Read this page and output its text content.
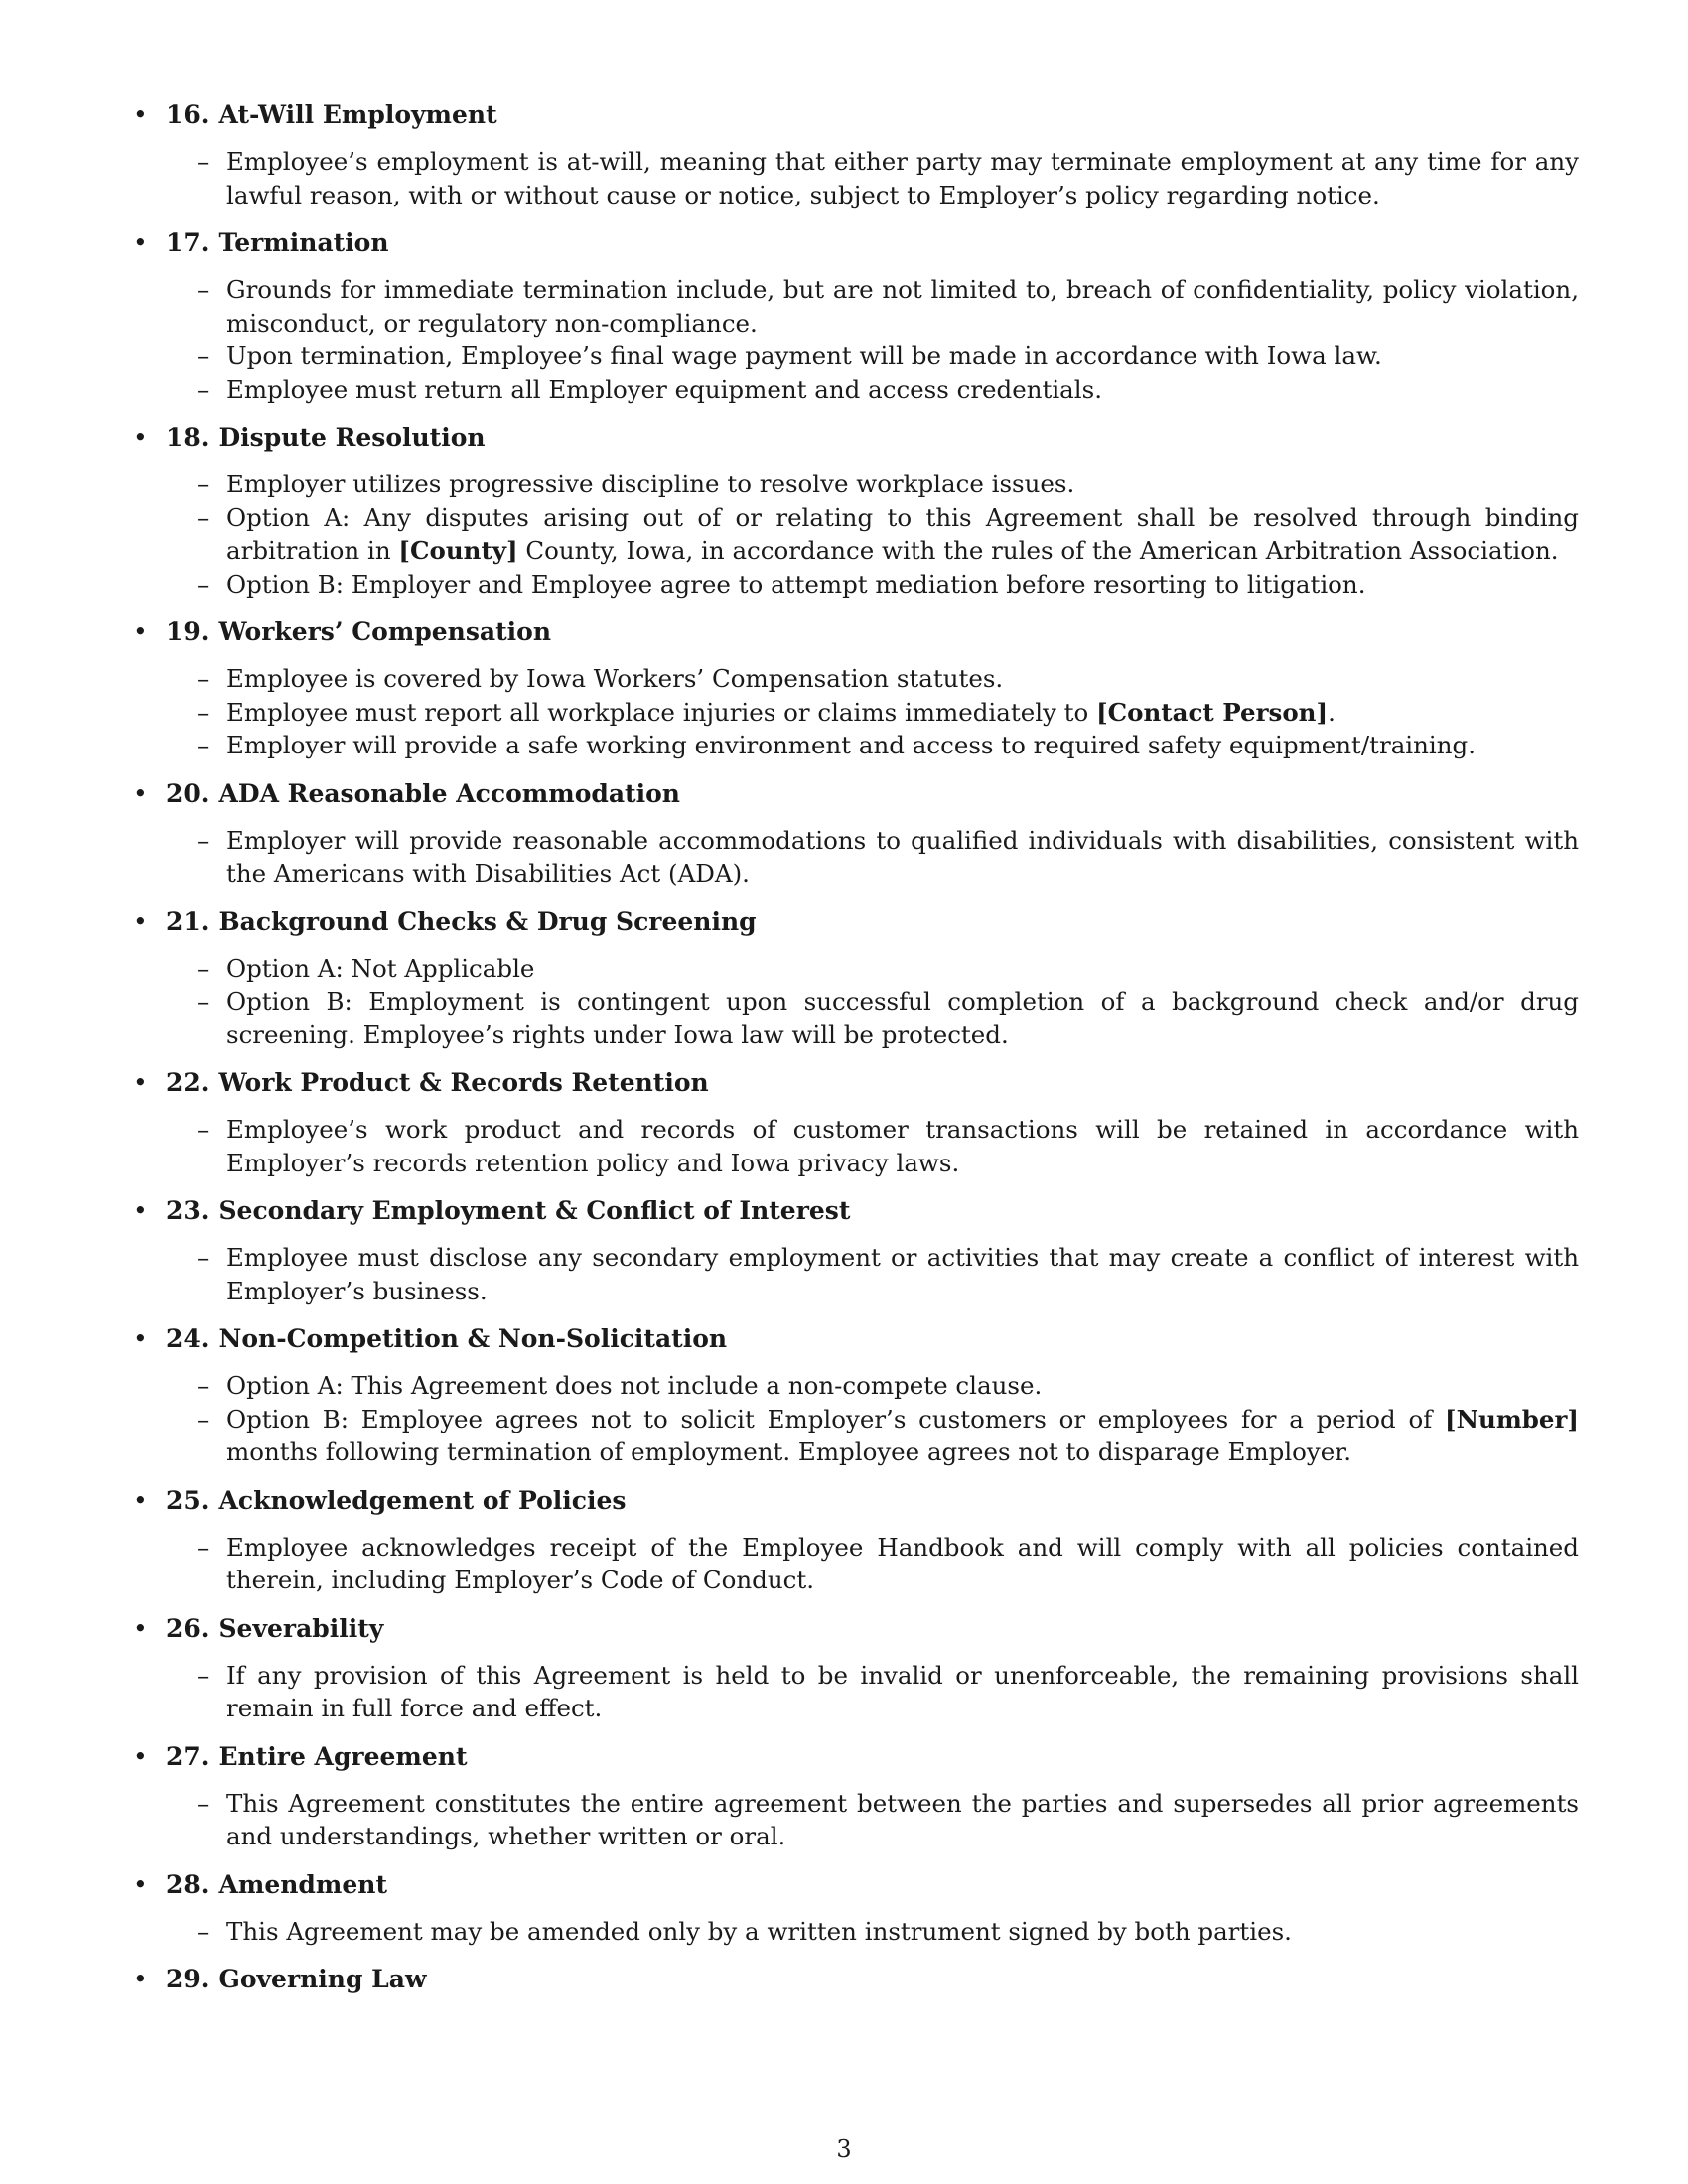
• 16. At-Will Employment
– Employee’s employment is at-will, meaning that either party may terminate employment at any time for any lawful reason, with or without cause or notice, subject to Employer’s policy regarding notice.
• 17. Termination
– Grounds for immediate termination include, but are not limited to, breach of confidentiality, policy violation, misconduct, or regulatory non-compliance.
– Upon termination, Employee’s final wage payment will be made in accordance with Iowa law.
– Employee must return all Employer equipment and access credentials.
• 18. Dispute Resolution
– Employer utilizes progressive discipline to resolve workplace issues.
– Option A: Any disputes arising out of or relating to this Agreement shall be resolved through binding arbitration in [County] County, Iowa, in accordance with the rules of the American Arbitration Association.
– Option B: Employer and Employee agree to attempt mediation before resorting to litigation.
• 19. Workers’ Compensation
– Employee is covered by Iowa Workers’ Compensation statutes.
– Employee must report all workplace injuries or claims immediately to [Contact Person].
– Employer will provide a safe working environment and access to required safety equipment/training.
• 20. ADA Reasonable Accommodation
– Employer will provide reasonable accommodations to qualified individuals with disabilities, consistent with the Americans with Disabilities Act (ADA).
• 21. Background Checks & Drug Screening
– Option A: Not Applicable
– Option B: Employment is contingent upon successful completion of a background check and/or drug screening. Employee’s rights under Iowa law will be protected.
• 22. Work Product & Records Retention
– Employee’s work product and records of customer transactions will be retained in accordance with Employer’s records retention policy and Iowa privacy laws.
• 23. Secondary Employment & Conflict of Interest
– Employee must disclose any secondary employment or activities that may create a conflict of interest with Employer’s business.
• 24. Non-Competition & Non-Solicitation
– Option A: This Agreement does not include a non-compete clause.
– Option B: Employee agrees not to solicit Employer’s customers or employees for a period of [Number] months following termination of employment. Employee agrees not to disparage Employer.
• 25. Acknowledgement of Policies
– Employee acknowledges receipt of the Employee Handbook and will comply with all policies contained therein, including Employer’s Code of Conduct.
• 26. Severability
– If any provision of this Agreement is held to be invalid or unenforceable, the remaining provisions shall remain in full force and effect.
• 27. Entire Agreement
– This Agreement constitutes the entire agreement between the parties and supersedes all prior agreements and understandings, whether written or oral.
• 28. Amendment
– This Agreement may be amended only by a written instrument signed by both parties.
• 29. Governing Law
3
